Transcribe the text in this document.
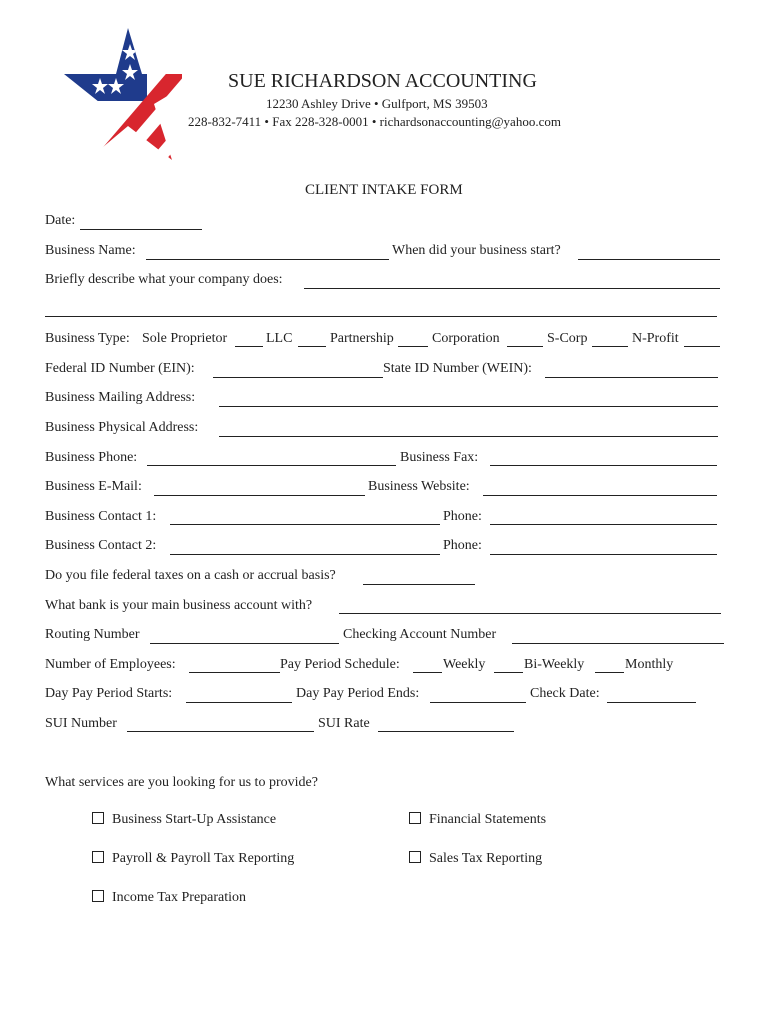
SUE RICHARDSON ACCOUNTING
12230 Ashley Drive • Gulfport, MS 39503
228-832-7411 • Fax 228-328-0001 • richardsonaccounting@yahoo.com
CLIENT INTAKE FORM
Date:
Business Name:	When did your business start?
Briefly describe what your company does:
Business Type: Sole Proprietor	LLC	Partnership	Corporation	S-Corp	N-Profit
Federal ID Number (EIN):	State ID Number (WEIN):
Business Mailing Address:
Business Physical Address:
Business Phone:	Business Fax:
Business E-Mail:	Business Website:
Business Contact 1:	Phone:
Business Contact 2:	Phone:
Do you file federal taxes on a cash or accrual basis?
What bank is your main business account with?
Routing Number	Checking Account Number
Number of Employees:	Pay Period Schedule:	Weekly	Bi-Weekly	Monthly
Day Pay Period Starts:	Day Pay Period Ends:	Check Date:
SUI Number	SUI Rate
What services are you looking for us to provide?
Business Start-Up Assistance	Financial Statements
Payroll & Payroll Tax Reporting	Sales Tax Reporting
Income Tax Preparation
